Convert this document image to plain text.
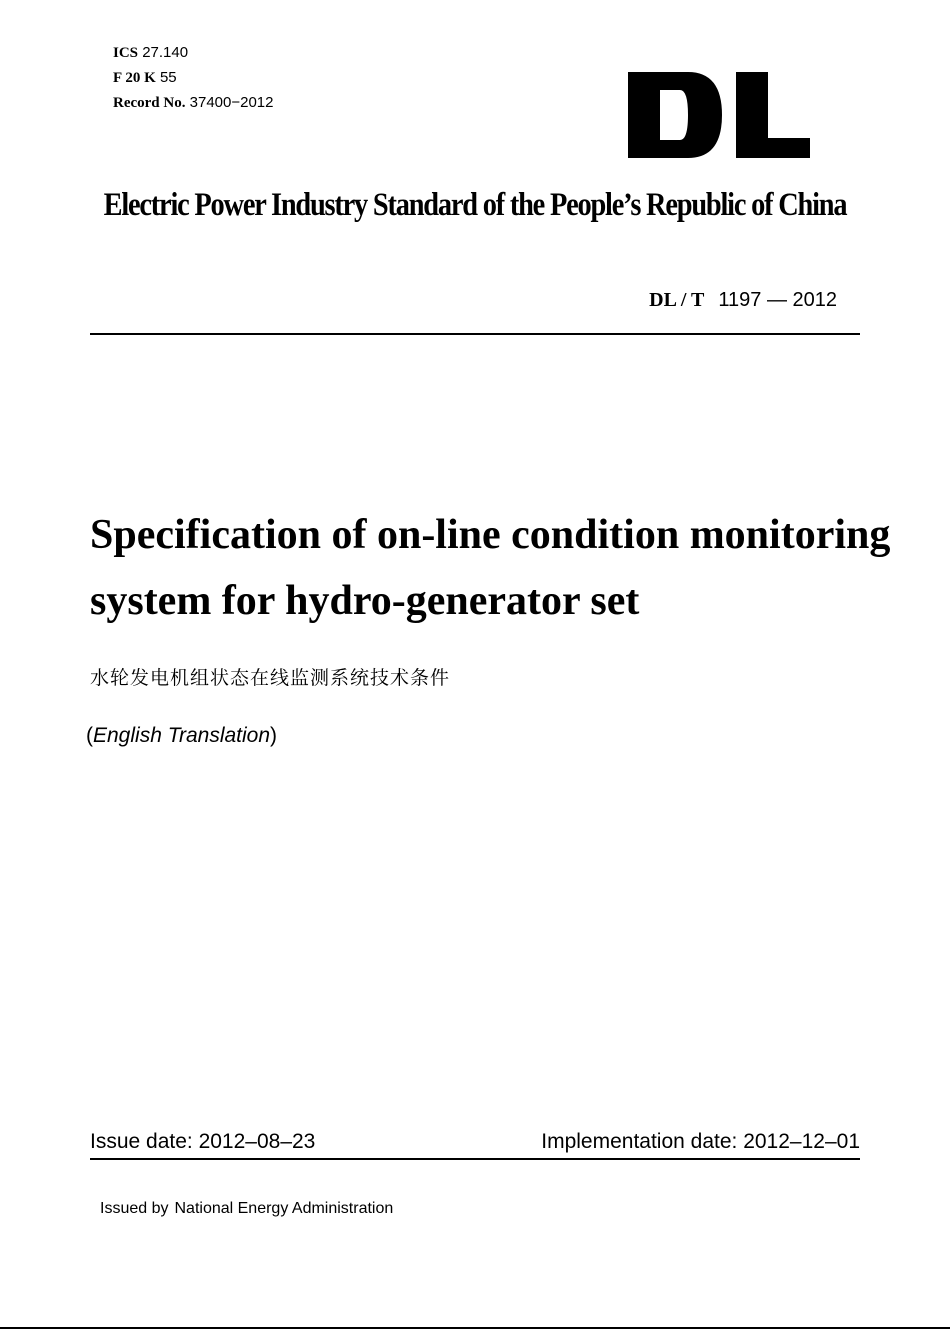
ICS 27.140
F 20 K 55
Record No. 37400−2012
Electric Power Industry Standard of the People’s Republic of China
DL / T 1197 — 2012
Specification of on-line condition monitoring
system for hydro-generator set
水轮发电机组状态在线监测系统技术条件
(English Translation)
Issue date: 2012‒08‒23	Implementation date: 2012‒12‒01
Issued by National Energy Administration
